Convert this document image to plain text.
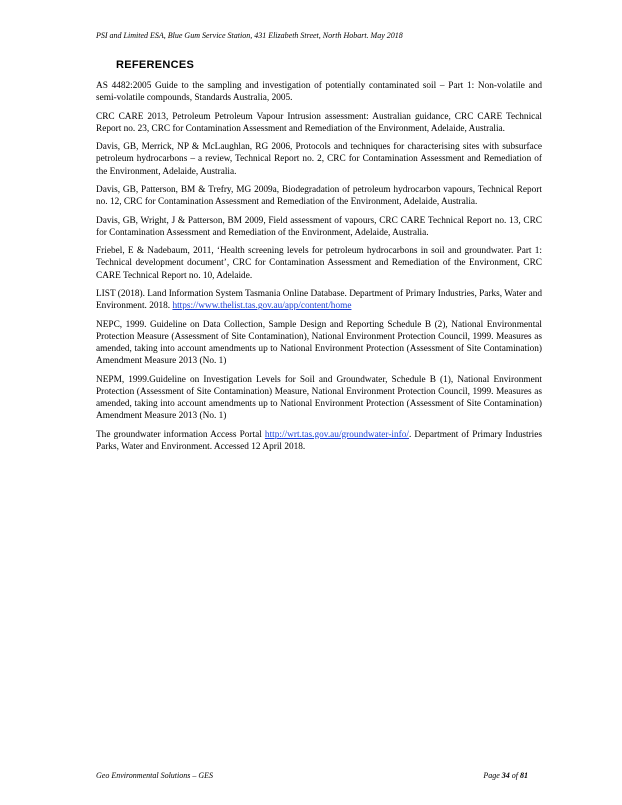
PSI and Limited ESA, Blue Gum Service Station, 431 Elizabeth Street, North Hobart. May 2018
REFERENCES

AS 4482:2005 Guide to the sampling and investigation of potentially contaminated soil – Part 1: Non-volatile and semi-volatile compounds, Standards Australia, 2005.

CRC CARE 2013, Petroleum Petroleum Vapour Intrusion assessment: Australian guidance, CRC CARE Technical Report no. 23, CRC for Contamination Assessment and Remediation of the Environment, Adelaide, Australia.

Davis, GB, Merrick, NP & McLaughlan, RG 2006, Protocols and techniques for characterising sites with subsurface petroleum hydrocarbons – a review, Technical Report no. 2, CRC for Contamination Assessment and Remediation of the Environment, Adelaide, Australia.

Davis, GB, Patterson, BM & Trefry, MG 2009a, Biodegradation of petroleum hydrocarbon vapours, Technical Report no. 12, CRC for Contamination Assessment and Remediation of the Environment, Adelaide, Australia.

Davis, GB, Wright, J & Patterson, BM 2009, Field assessment of vapours, CRC CARE Technical Report no. 13, CRC for Contamination Assessment and Remediation of the Environment, Adelaide, Australia.

Friebel, E & Nadebaum, 2011, ‘Health screening levels for petroleum hydrocarbons in soil and groundwater. Part 1: Technical development document’, CRC for Contamination Assessment and Remediation of the Environment, CRC CARE Technical Report no. 10, Adelaide.

LIST (2018). Land Information System Tasmania Online Database. Department of Primary Industries, Parks, Water and Environment. 2018. https://www.thelist.tas.gov.au/app/content/home

NEPC, 1999. Guideline on Data Collection, Sample Design and Reporting Schedule B (2), National Environmental Protection Measure (Assessment of Site Contamination), National Environment Protection Council, 1999. Measures as amended, taking into account amendments up to National Environment Protection (Assessment of Site Contamination) Amendment Measure 2013 (No. 1)

NEPM, 1999.Guideline on Investigation Levels for Soil and Groundwater, Schedule B (1), National Environment Protection (Assessment of Site Contamination) Measure, National Environment Protection Council, 1999. Measures as amended, taking into account amendments up to National Environment Protection (Assessment of Site Contamination) Amendment Measure 2013 (No. 1)

The groundwater information Access Portal http://wrt.tas.gov.au/groundwater-info/. Department of Primary Industries Parks, Water and Environment. Accessed 12 April 2018.

Geo Environmental Solutions – GES	Page 34 of 81
